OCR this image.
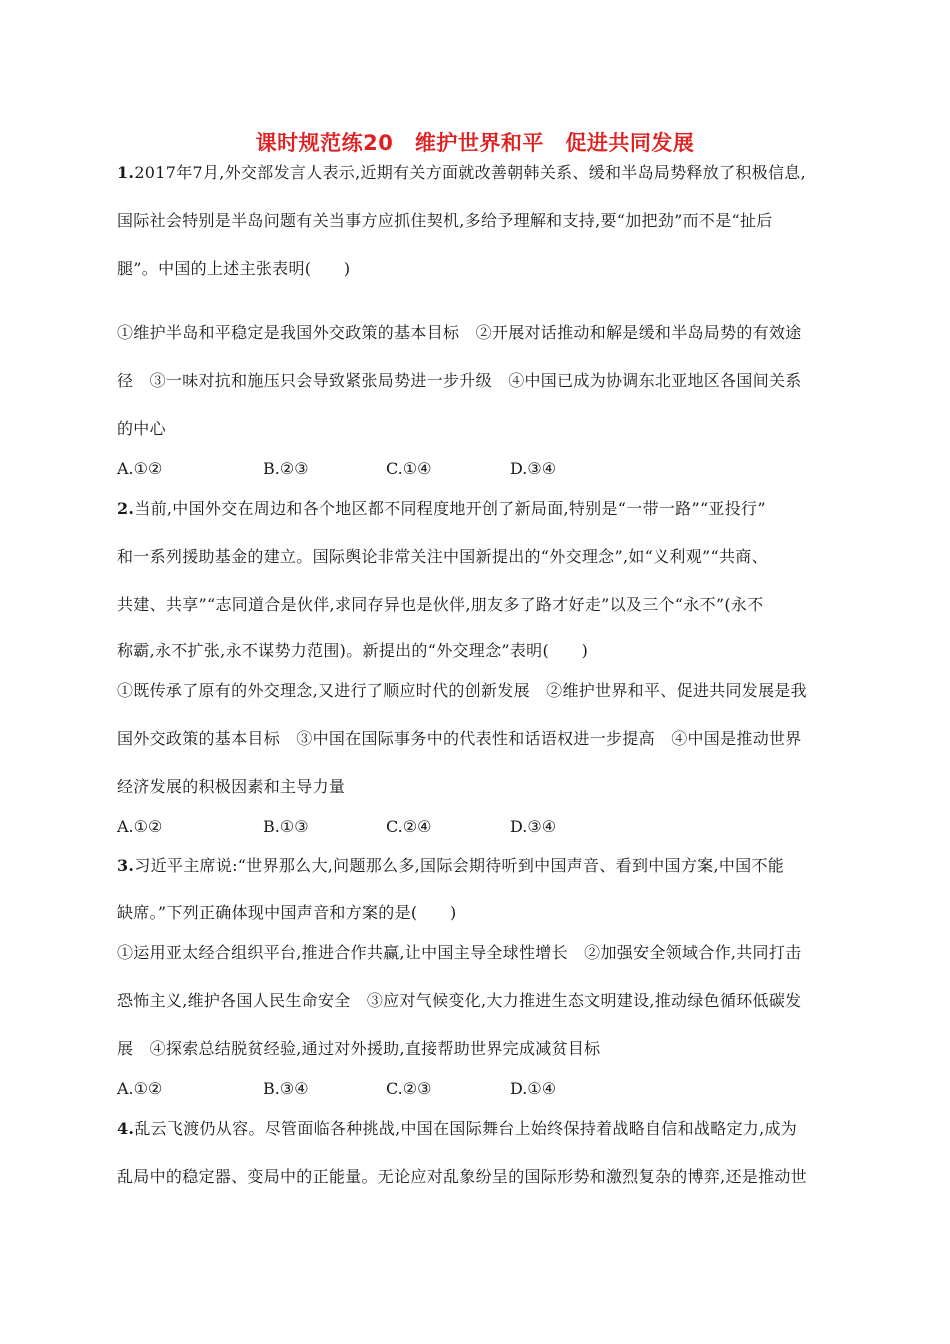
课时规范练20　维护世界和平　促进共同发展
1.2017年7月,外交部发言人表示,近期有关方面就改善朝韩关系、缓和半岛局势释放了积极信息,
国际社会特别是半岛问题有关当事方应抓住契机,多给予理解和支持,要“加把劲”而不是“扯后
腿”。中国的上述主张表明(　　)
①维护半岛和平稳定是我国外交政策的基本目标　②开展对话推动和解是缓和半岛局势的有效途
径　③一味对抗和施压只会导致紧张局势进一步升级　④中国已成为协调东北亚地区各国间关系
的中心
A.①②	B.②③	C.①④	D.③④
2.当前,中国外交在周边和各个地区都不同程度地开创了新局面,特别是“一带一路”“亚投行”
和一系列援助基金的建立。国际舆论非常关注中国新提出的“外交理念”,如“义利观”“共商、
共建、共享”“志同道合是伙伴,求同存异也是伙伴,朋友多了路才好走”以及三个“永不”(永不
称霸,永不扩张,永不谋势力范围)。新提出的“外交理念”表明(　　)
①既传承了原有的外交理念,又进行了顺应时代的创新发展　②维护世界和平、促进共同发展是我
国外交政策的基本目标　③中国在国际事务中的代表性和话语权进一步提高　④中国是推动世界
经济发展的积极因素和主导力量
A.①②	B.①③	C.②④	D.③④
3.习近平主席说:“世界那么大,问题那么多,国际会期待听到中国声音、看到中国方案,中国不能
缺席。”下列正确体现中国声音和方案的是(　　)
①运用亚太经合组织平台,推进合作共赢,让中国主导全球性增长　②加强安全领域合作,共同打击
恐怖主义,维护各国人民生命安全　③应对气候变化,大力推进生态文明建设,推动绿色循环低碳发
展　④探索总结脱贫经验,通过对外援助,直接帮助世界完成减贫目标
A.①②	B.③④	C.②③	D.①④
4.乱云飞渡仍从容。尽管面临各种挑战,中国在国际舞台上始终保持着战略自信和战略定力,成为
乱局中的稳定器、变局中的正能量。无论应对乱象纷呈的国际形势和激烈复杂的博弈,还是推动世
